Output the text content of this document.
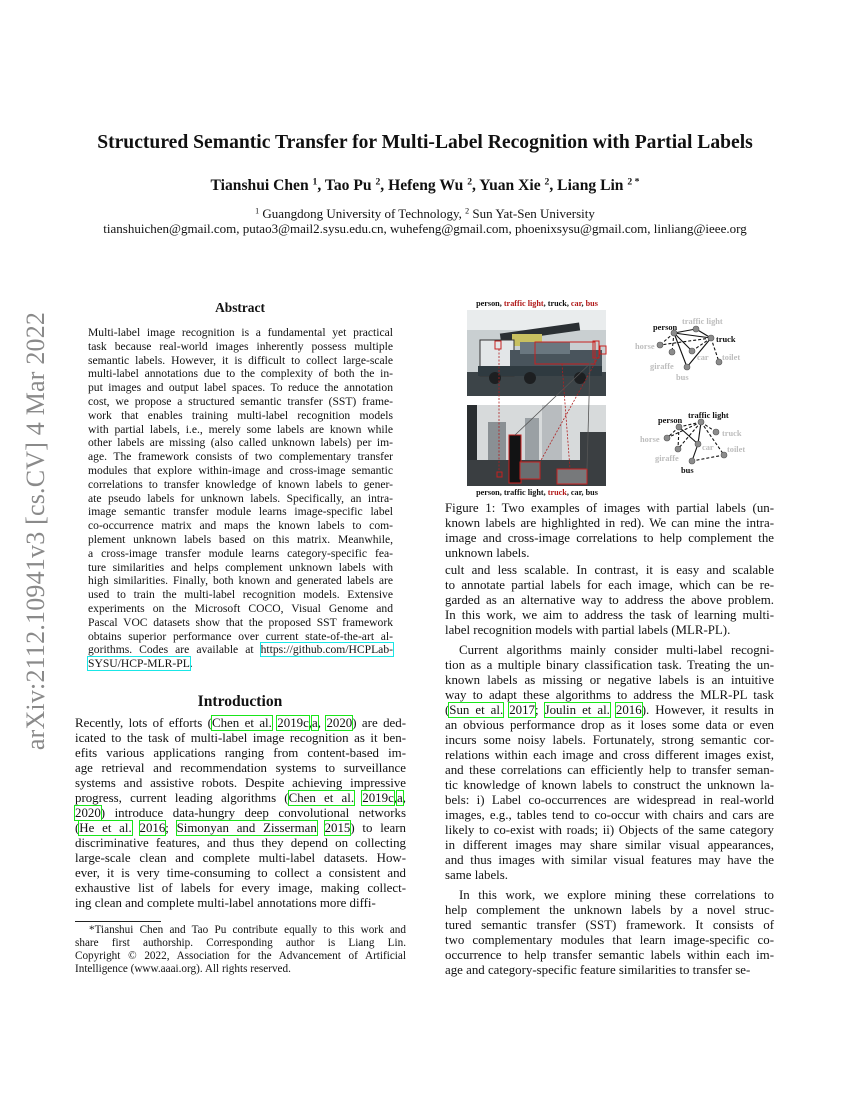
arXiv:2112.10941v3 [cs.CV] 4 Mar 2022
Structured Semantic Transfer for Multi-Label Recognition with Partial Labels
Tianshui Chen $^1$, Tao Pu $^2$, Hefeng Wu $^2$, Yuan Xie $^2$, Liang Lin $^{2 *}$
$^1$ Guangdong University of Technology, $^2$ Sun Yat-Sen University
tianshuichen@gmail.com, putao3@mail2.sysu.edu.cn, wuhefeng@gmail.com, phoenixsysu@gmail.com, linliang@ieee.org
Abstract
Multi-label image recognition is a fundamental yet practical
task because real-world images inherently possess multiple
semantic labels. However, it is difficult to collect large-scale
multi-label annotations due to the complexity of both the in-
put images and output label spaces. To reduce the annotation
cost, we propose a structured semantic transfer (SST) frame-
work that enables training multi-label recognition models
with partial labels, i.e., merely some labels are known while
other labels are missing (also called unknown labels) per im-
age. The framework consists of two complementary transfer
modules that explore within-image and cross-image semantic
correlations to transfer knowledge of known labels to gener-
ate pseudo labels for unknown labels. Specifically, an intra-
image semantic transfer module learns image-specific label
co-occurrence matrix and maps the known labels to com-
plement unknown labels based on this matrix. Meanwhile,
a cross-image transfer module learns category-specific fea-
ture similarities and helps complement unknown labels with
high similarities. Finally, both known and generated labels are
used to train the multi-label recognition models. Extensive
experiments on the Microsoft COCO, Visual Genome and
Pascal VOC datasets show that the proposed SST framework
obtains superior performance over current state-of-the-art al-
gorithms. Codes are available at https://github.com/HCPLab-
SYSU/HCP-MLR-PL.
Introduction
Recently, lots of efforts (Chen et al. 2019c,a, 2020) are ded-
icated to the task of multi-label image recognition as it ben-
efits various applications ranging from content-based im-
age retrieval and recommendation systems to surveillance
systems and assistive robots. Despite achieving impressive
progress, current leading algorithms (Chen et al. 2019c,a,
2020) introduce data-hungry deep convolutional networks
(He et al. 2016; Simonyan and Zisserman 2015) to learn
discriminative features, and thus they depend on collecting
large-scale clean and complete multi-label datasets. How-
ever, it is very time-consuming to collect a consistent and
exhaustive list of labels for every image, making collect-
ing clean and complete multi-label annotations more diffi-
*Tianshui Chen and Tao Pu contribute equally to this work and
share first authorship. Corresponding author is Liang Lin.
Copyright © 2022, Association for the Advancement of Artificial
Intelligence (www.aaai.org). All rights reserved.
person, traffic light, truck, car, bus
person, traffic light, truck, car, bus
person
traffic light
truck
horse
car toilet
giraffe
bus
traffic light
person
truck
horse
car toilet
giraffe
bus
Figure 1: Two examples of images with partial labels (un-
known labels are highlighted in red). We can mine the intra-
image and cross-image correlations to help complement the
unknown labels.
cult and less scalable. In contrast, it is easy and scalable
to annotate partial labels for each image, which can be re-
garded as an alternative way to address the above problem.
In this work, we aim to address the task of learning multi-
label recognition models with partial labels (MLR-PL).
Current algorithms mainly consider multi-label recogni-
tion as a multiple binary classification task. Treating the un-
known labels as missing or negative labels is an intuitive
way to adapt these algorithms to address the MLR-PL task
(Sun et al. 2017; Joulin et al. 2016). However, it results in
an obvious performance drop as it loses some data or even
incurs some noisy labels. Fortunately, strong semantic cor-
relations within each image and cross different images exist,
and these correlations can efficiently help to transfer seman-
tic knowledge of known labels to construct the unknown la-
bels: i) Label co-occurrences are widespread in real-world
images, e.g., tables tend to co-occur with chairs and cars are
likely to co-exist with roads; ii) Objects of the same category
in different images may share similar visual appearances,
and thus images with similar visual features may have the
same labels.
In this work, we explore mining these correlations to
help complement the unknown labels by a novel struc-
tured semantic transfer (SST) framework. It consists of
two complementary modules that learn image-specific co-
occurrence to help transfer semantic labels within each im-
age and category-specific feature similarities to transfer se-
